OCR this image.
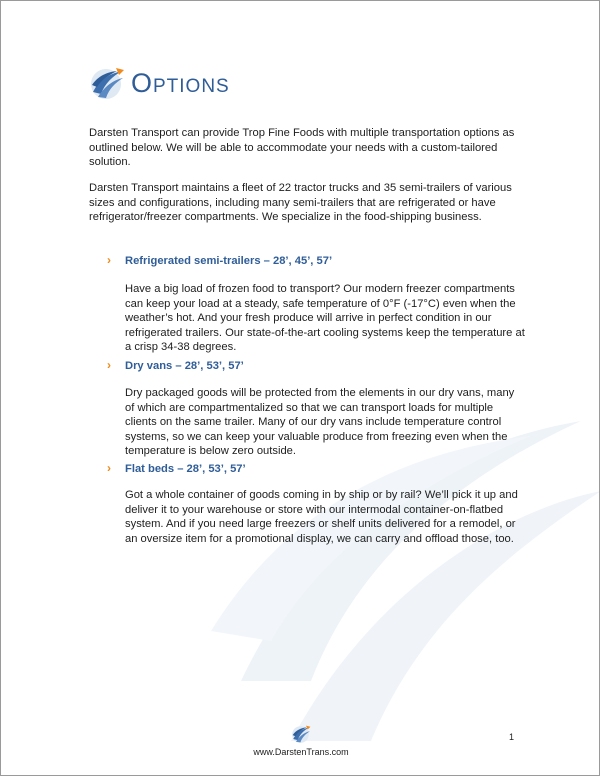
Options

Darsten Transport can provide Trop Fine Foods with multiple transportation options as outlined below. We will be able to accommodate your needs with a custom-tailored solution.

Darsten Transport maintains a fleet of 22 tractor trucks and 35 semi-trailers of various sizes and configurations, including many semi-trailers that are refrigerated or have refrigerator/freezer compartments. We specialize in the food-shipping business.

› Refrigerated semi-trailers – 28’, 45’, 57’

Have a big load of frozen food to transport? Our modern freezer compartments can keep your load at a steady, safe temperature of 0°F (-17°C) even when the weather’s hot. And your fresh produce will arrive in perfect condition in our refrigerated trailers. Our state-of-the-art cooling systems keep the temperature at a crisp 34-38 degrees.

› Dry vans – 28’, 53’, 57’

Dry packaged goods will be protected from the elements in our dry vans, many of which are compartmentalized so that we can transport loads for multiple clients on the same trailer. Many of our dry vans include temperature control systems, so we can keep your valuable produce from freezing even when the temperature is below zero outside.

› Flat beds – 28’, 53’, 57’

Got a whole container of goods coming in by ship or by rail? We’ll pick it up and deliver it to your warehouse or store with our intermodal container-on-flatbed system. And if you need large freezers or shelf units delivered for a remodel, or an oversize item for a promotional display, we can carry and offload those, too.

1
www.DarstenTrans.com
